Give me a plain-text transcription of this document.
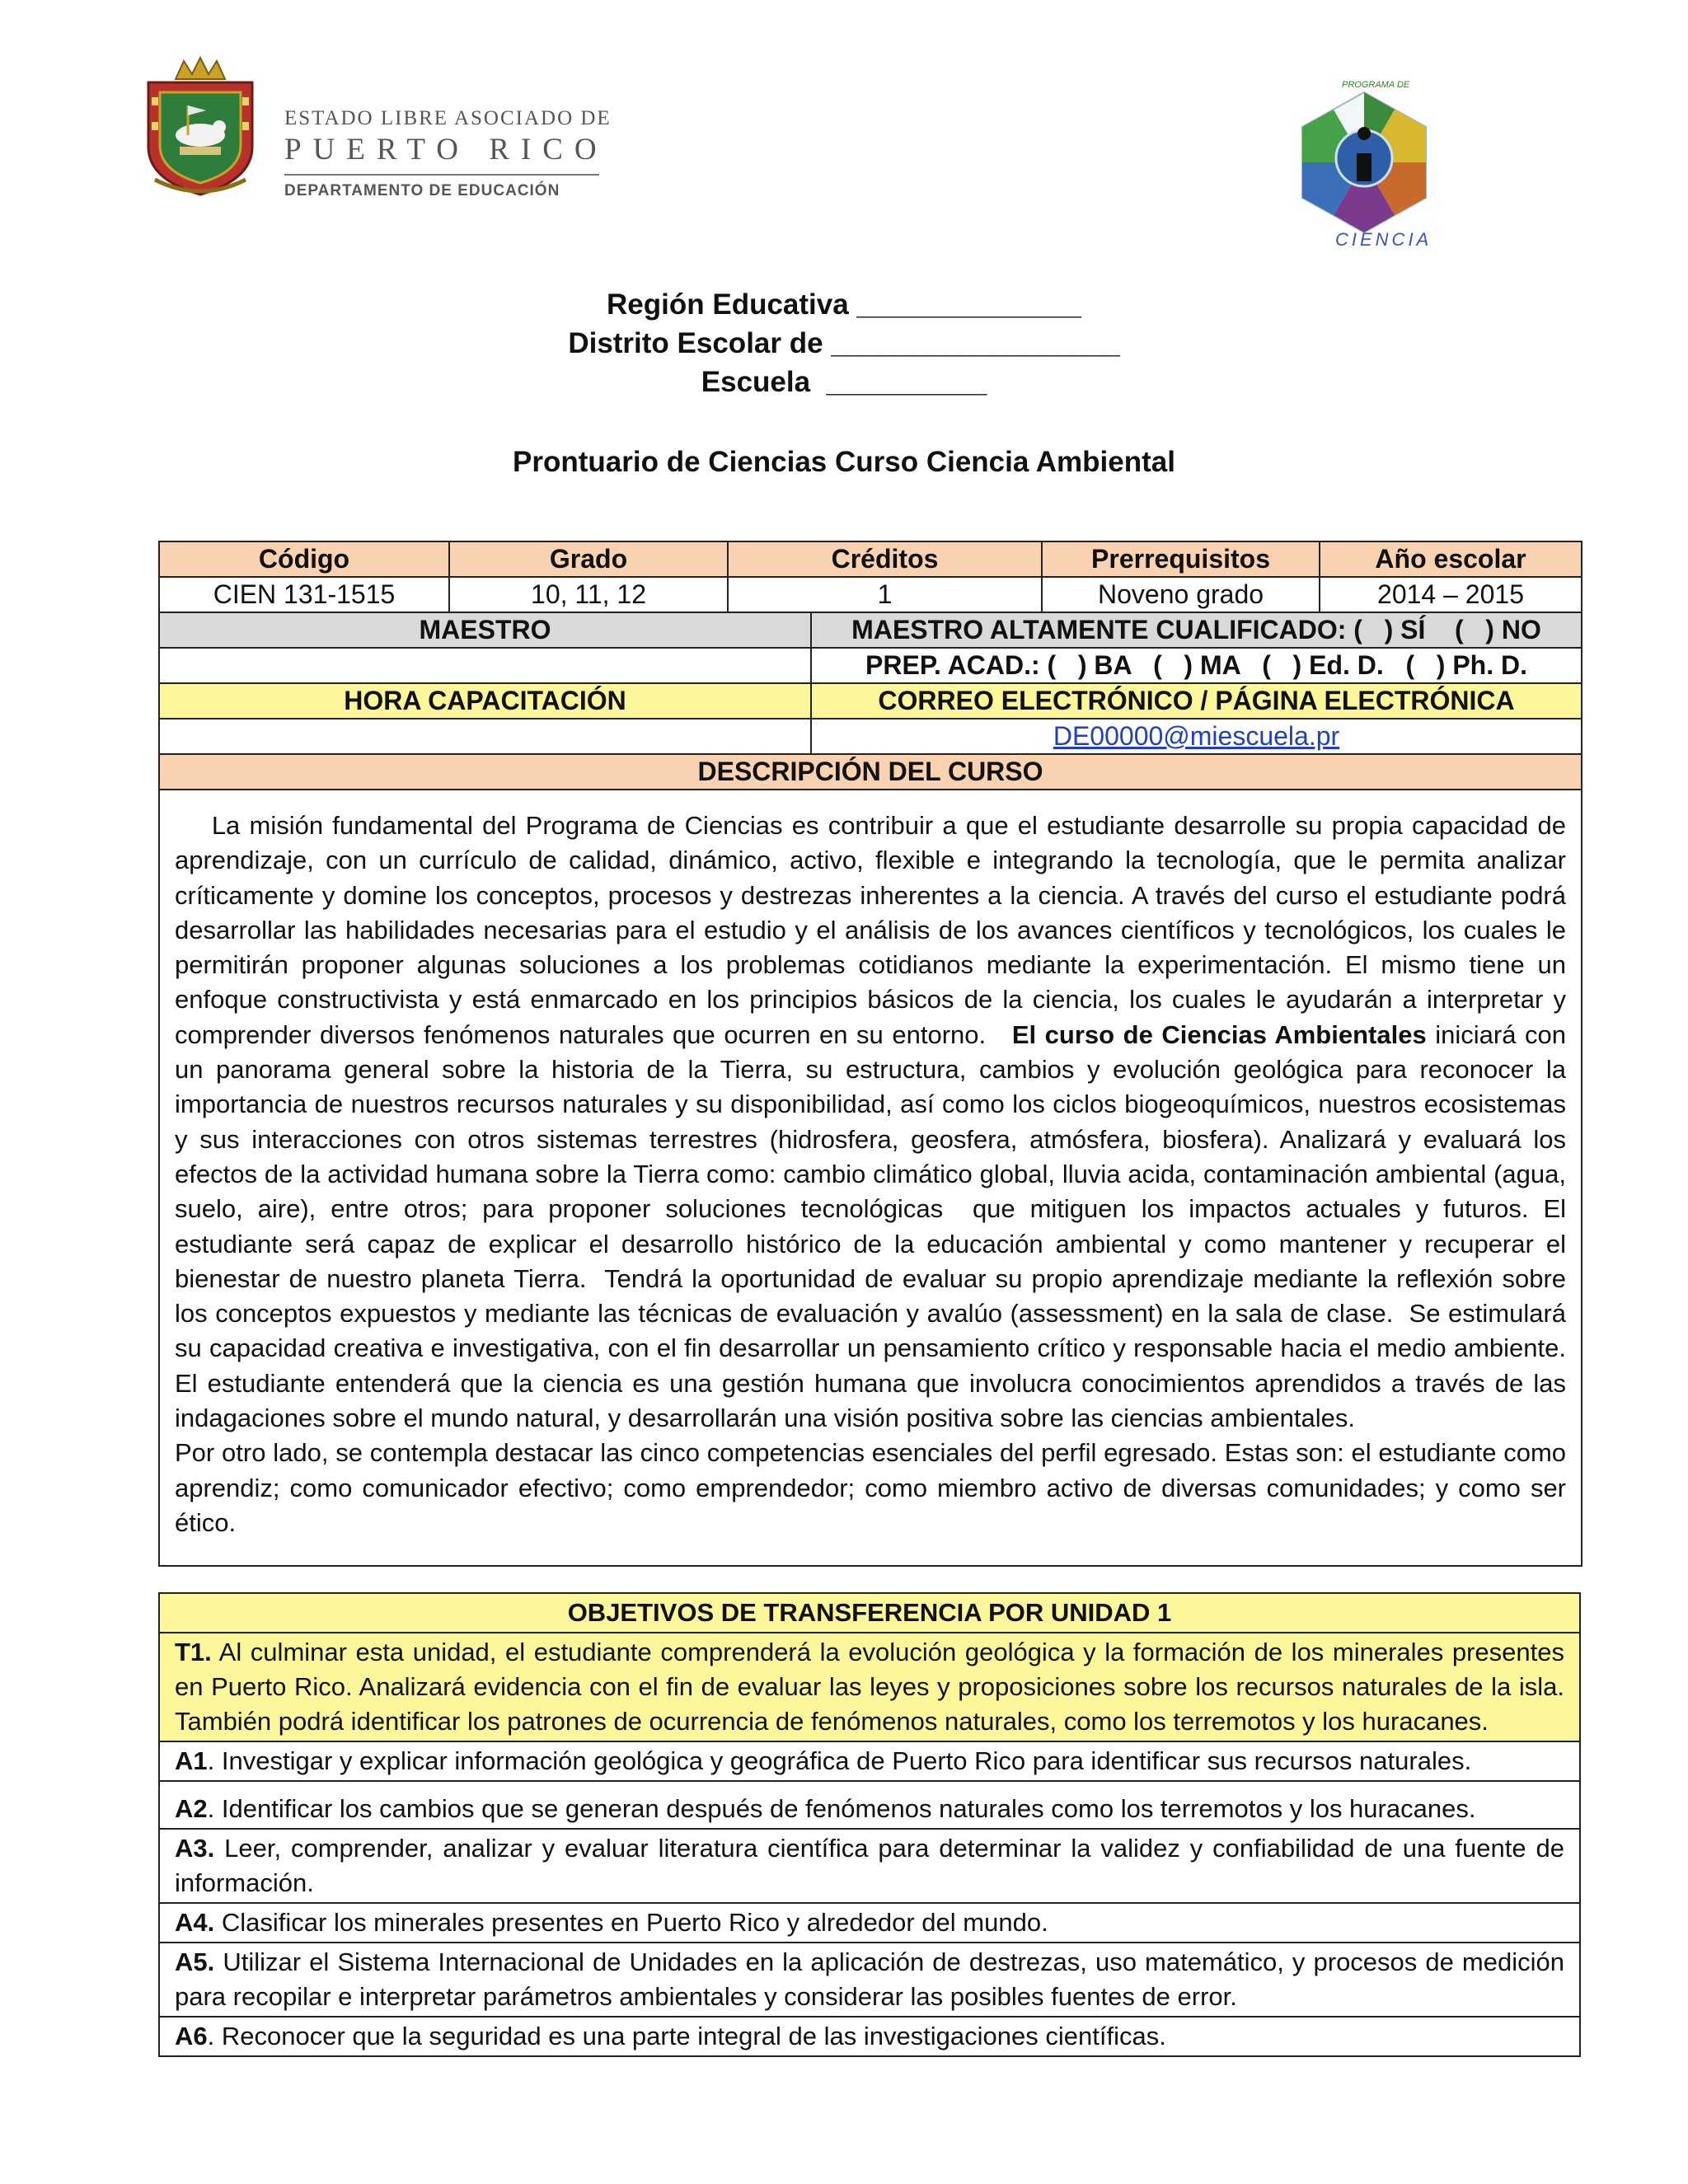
ESTADO LIBRE ASOCIADO DE
PUERTO RICO
DEPARTAMENTO DE EDUCACIÓN
PROGRAMA DE
CIENCIA
Región Educativa ______________
Distrito Escolar de __________________
Escuela  __________
Prontuario de Ciencias Curso Ciencia Ambiental
Código	Grado	Créditos		Prerrequisitos	Año escolar
CIEN 131-1515	10, 11, 12	1		Noveno grado	2014 – 2015
MAESTRO			MAESTRO ALTAMENTE CUALIFICADO: (   ) SÍ    (   ) NO		
			PREP. ACAD.: (   ) BA   (   ) MA   (   ) Ed. D.   (   ) Ph. D.		
HORA CAPACITACIÓN			CORREO ELECTRÓNICO / PÁGINA ELECTRÓNICA		
			DE00000@miescuela.pr		
DESCRIPCIÓN DEL CURSO					

La misión fundamental del Programa de Ciencias es contribuir a que el estudiante desarrolle su propia capacidad de aprendizaje, con un currículo de calidad, dinámico, activo, flexible e integrando la tecnología, que le permita analizar críticamente y domine los conceptos, procesos y destrezas inherentes a la ciencia. A través del curso el estudiante podrá desarrollar las habilidades necesarias para el estudio y el análisis de los avances científicos y tecnológicos, los cuales le permitirán proponer algunas soluciones a los problemas cotidianos mediante la experimentación. El mismo tiene un enfoque constructivista y está enmarcado en los principios básicos de la ciencia, los cuales le ayudarán a interpretar y comprender diversos fenómenos naturales que ocurren en su entorno.   El curso de Ciencias Ambientales iniciará con un panorama general sobre la historia de la Tierra, su estructura, cambios y evolución geológica para reconocer la importancia de nuestros recursos naturales y su disponibilidad, así como los ciclos biogeoquímicos, nuestros ecosistemas y sus interacciones con otros sistemas terrestres (hidrosfera, geosfera, atmósfera, biosfera). Analizará y evaluará los efectos de la actividad humana sobre la Tierra como: cambio climático global, lluvia acida, contaminación ambiental (agua, suelo, aire), entre otros; para proponer soluciones tecnológicas  que mitiguen los impactos actuales y futuros. El estudiante será capaz de explicar el desarrollo histórico de la educación ambiental y como mantener y recuperar el bienestar de nuestro planeta Tierra.  Tendrá la oportunidad de evaluar su propio aprendizaje mediante la reflexión sobre los conceptos expuestos y mediante las técnicas de evaluación y avalúo (assessment) en la sala de clase.  Se estimulará  su capacidad creativa e investigativa, con el fin desarrollar un pensamiento crítico y responsable hacia el medio ambiente. El estudiante entenderá que la ciencia es una gestión humana que involucra conocimientos aprendidos a través de las indagaciones sobre el mundo natural, y desarrollarán una visión positiva sobre las ciencias ambientales.

Por otro lado, se contempla destacar las cinco competencias esenciales del perfil egresado. Estas son: el estudiante como aprendiz; como comunicador efectivo; como emprendedor; como miembro activo de diversas comunidades; y como ser ético.					

OBJETIVOS DE TRANSFERENCIA POR UNIDAD 1
T1. Al culminar esta unidad, el estudiante comprenderá la evolución geológica y la formación de los minerales presentes en Puerto Rico. Analizará evidencia con el fin de evaluar las leyes y proposiciones sobre los recursos naturales de la isla. También podrá identificar los patrones de ocurrencia de fenómenos naturales, como los terremotos y los huracanes.
A1. Investigar y explicar información geológica y geográfica de Puerto Rico para identificar sus recursos naturales.
A2. Identificar los cambios que se generan después de fenómenos naturales como los terremotos y los huracanes.
A3. Leer, comprender, analizar y evaluar literatura científica para determinar la validez y confiabilidad de una fuente de información.
A4. Clasificar los minerales presentes en Puerto Rico y alrededor del mundo.
A5. Utilizar el Sistema Internacional de Unidades en la aplicación de destrezas, uso matemático, y procesos de medición para recopilar e interpretar parámetros ambientales y considerar las posibles fuentes de error.
A6. Reconocer que la seguridad es una parte integral de las investigaciones científicas.
